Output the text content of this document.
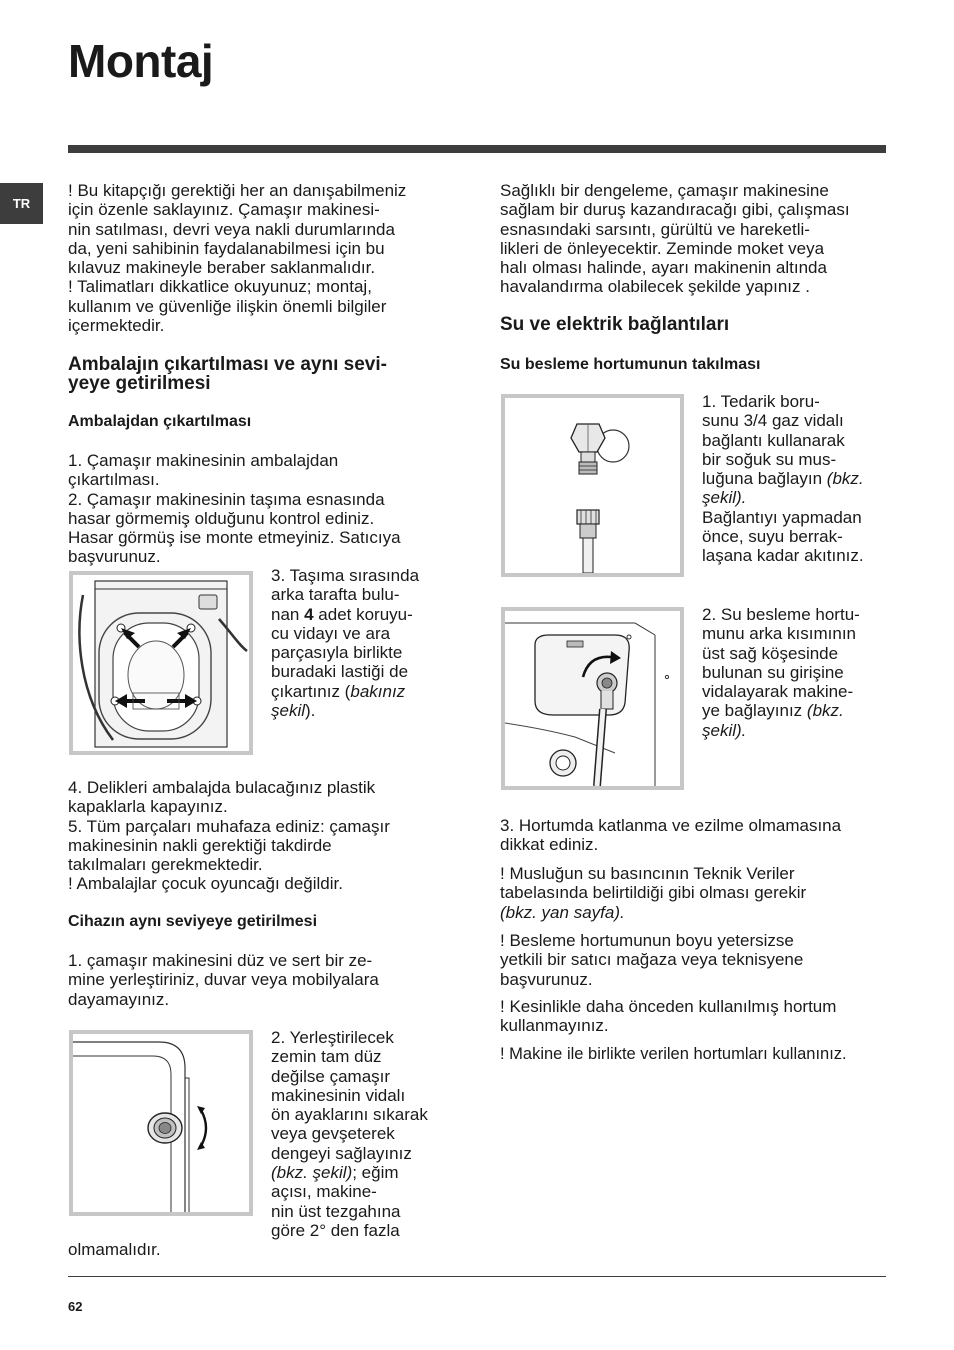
Montaj
TR

! Bu kitapçığı gerektiği her an danışabilmeniz

için özenle saklayınız. Çamaşır makinesi-

nin satılması, devri veya nakli durumlarında

da, yeni sahibinin faydalanabilmesi için bu

kılavuz makineyle beraber saklanmalıdır.

! Talimatları dikkatlice okuyunuz; montaj,

kullanım ve güvenliğe ilişkin önemli bilgiler

içermektedir.

Ambalajın çıkartılması ve aynı sevi-

yeye getirilmesi

Ambalajdan çıkartılması

1. Çamaşır makinesinin ambalajdan

çıkartılması.

2. Çamaşır makinesinin taşıma esnasında

hasar görmemiş olduğunu kontrol ediniz.

Hasar görmüş ise monte etmeyiniz. Satıcıya

başvurunuz.

3. Taşıma sırasında

arka tarafta bulu-

nan 4 adet koruyu-

cu vidayı ve ara

parçasıyla birlikte

buradaki lastiği de

çıkartınız (bakınız

şekil).

4. Delikleri ambalajda bulacağınız plastik

kapaklarla kapayınız.

5. Tüm parçaları muhafaza ediniz: çamaşır

makinesinin nakli gerektiği takdirde

takılmaları gerekmektedir.

! Ambalajlar çocuk oyuncağı değildir.

Cihazın aynı seviyeye getirilmesi

1. çamaşır makinesini düz ve sert bir ze-

mine yerleştiriniz, duvar veya mobilyalara

dayamayınız.

2. Yerleştirilecek

zemin tam düz

değilse çamaşır

makinesinin vidalı

ön ayaklarını sıkarak

veya gevşeterek

dengeyi sağlayınız

(bkz. şekil); eğim

açısı, makine-

nin üst tezgahına

göre 2° den fazla

olmamalıdır.

Sağlıklı bir dengeleme, çamaşır makinesine

sağlam bir duruş kazandıracağı gibi, çalışması

esnasındaki sarsıntı, gürültü ve hareketli-

likleri de önleyecektir. Zeminde moket veya

halı olması halinde, ayarı makinenin altında

havalandırma olabilecek şekilde yapınız .

Su ve elektrik bağlantıları
Su besleme hortumunun takılması

1. Tedarik boru-

sunu 3/4 gaz vidalı

bağlantı kullanarak

bir soğuk su mus-

luğuna bağlayın (bkz.

şekil).

Bağlantıyı yapmadan

önce, suyu berrak-

laşana kadar akıtınız.

2. Su besleme hortu-

munu arka kısımının

üst sağ köşesinde

bulunan su girişine

vidalayarak makine-

ye bağlayınız (bkz.

şekil).

3. Hortumda katlanma ve ezilme olmamasına

dikkat ediniz.

! Musluğun su basıncının Teknik Veriler

tabelasında belirtildiği gibi olması gerekir

(bkz. yan sayfa).

! Besleme hortumunun boyu yetersizse

yetkili bir satıcı mağaza veya teknisyene

başvurunuz.

! Kesinlikle daha önceden kullanılmış hortum

kullanmayınız.

! Makine ile birlikte verilen hortumları kullanınız.
62
